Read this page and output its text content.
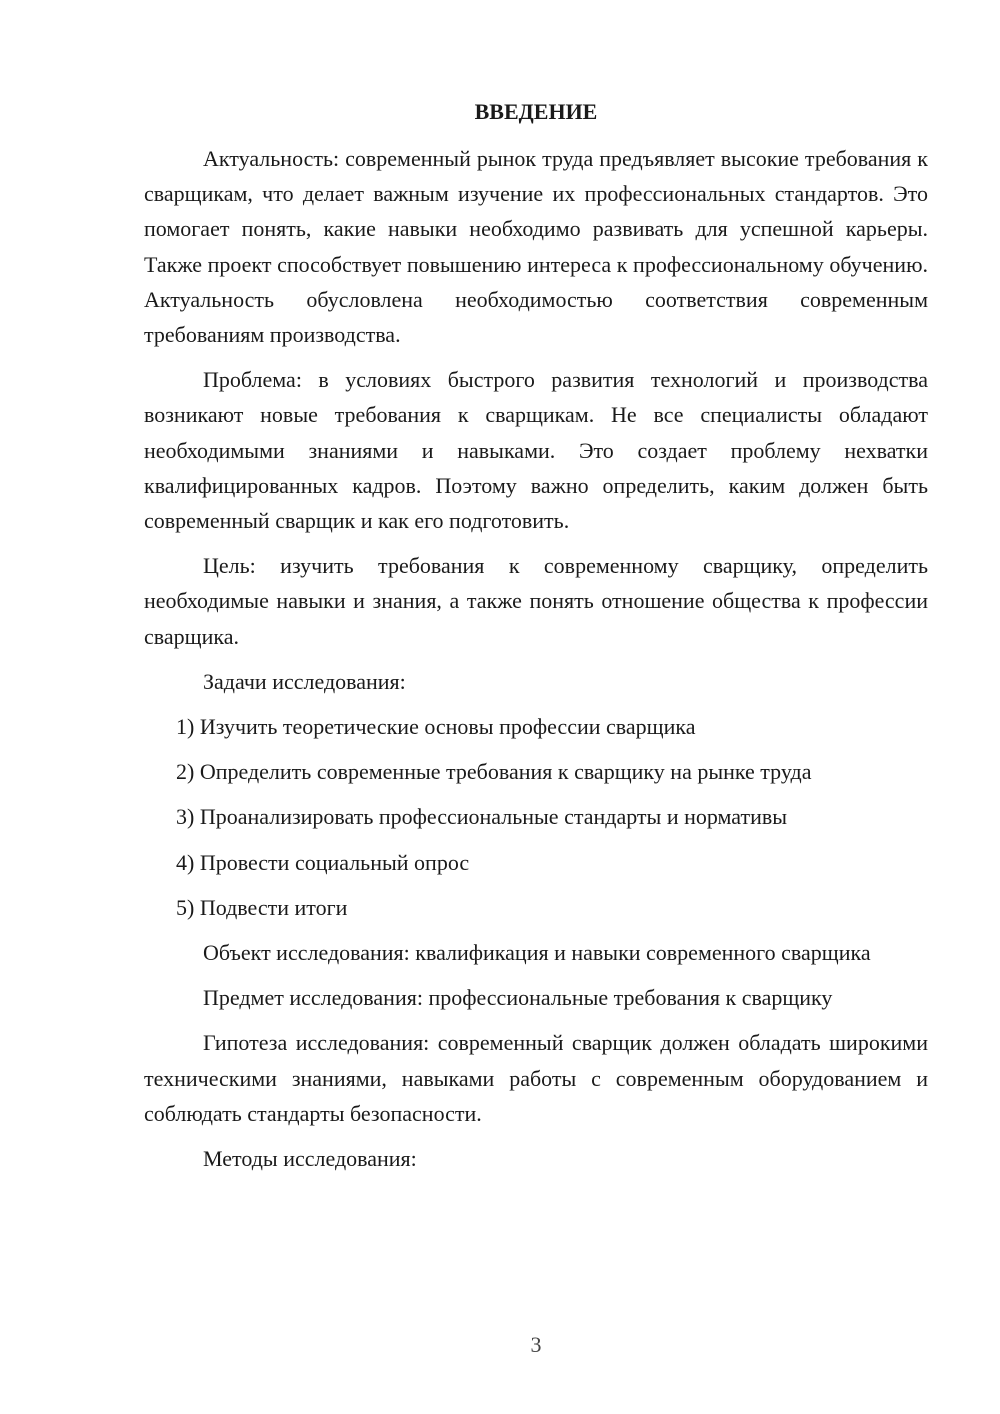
ВВЕДЕНИЕ

Актуальность: современный рынок труда предъявляет высокие требования к сварщикам, что делает важным изучение их профессиональных стандартов. Это помогает понять, какие навыки необходимо развивать для успешной карьеры. Также проект способствует повышению интереса к профессиональному обучению. Актуальность обусловлена необходимостью соответствия современным требованиям производства.

Проблема: в условиях быстрого развития технологий и производства возникают новые требования к сварщикам. Не все специалисты обладают необходимыми знаниями и навыками. Это создает проблему нехватки квалифицированных кадров. Поэтому важно определить, каким должен быть современный сварщик и как его подготовить.

Цель: изучить требования к современному сварщику, определить необходимые навыки и знания, а также понять отношение общества к профессии сварщика.

Задачи исследования:

1) Изучить теоретические основы профессии сварщика

2) Определить современные требования к сварщику на рынке труда

3) Проанализировать профессиональные стандарты и нормативы

4) Провести социальный опрос

5) Подвести итоги

Объект исследования: квалификация и навыки современного сварщика

Предмет исследования: профессиональные требования к сварщику

Гипотеза исследования: современный сварщик должен обладать широкими техническими знаниями, навыками работы с современным оборудованием и соблюдать стандарты безопасности.

Методы исследования:

3
